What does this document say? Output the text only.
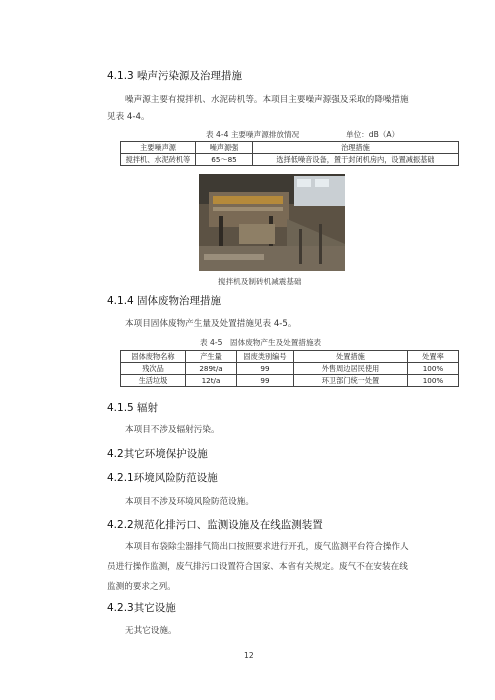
4.1.3 噪声污染源及治理措施
噪声源主要有搅拌机、水泥砖机等。本项目主要噪声源强及采取的降噪措施
见表 4-4。
表 4-4 主要噪声源排放情况	单位：dB（A）
主要噪声源	噪声源强	治理措施
搅拌机、水泥砖机等	65～85	选择低噪音设备，置于封闭机房内，设置减振基础
搅拌机及制砖机减震基础
4.1.4 固体废物治理措施
本项目固体废物产生量及处置措施见表 4-5。
表 4-5　固体废物产生及处置措施表
固体废物名称	产生量	固废类别编号	处置措施	处置率
残次品	289t/a	99	外售周边居民使用	100%
生活垃圾	12t/a	99	环卫部门统一处置	100%
4.1.5 辐射
本项目不涉及辐射污染。
4.2其它环境保护设施
4.2.1环境风险防范设施
本项目不涉及环境风险防范设施。
4.2.2规范化排污口、监测设施及在线监测装置
本项目布袋除尘器排气筒出口按照要求进行开孔，废气监测平台符合操作人
员进行操作监测，废气排污口设置符合国家、本省有关规定。废气不在安装在线
监测的要求之列。
4.2.3其它设施
无其它设施。
12
